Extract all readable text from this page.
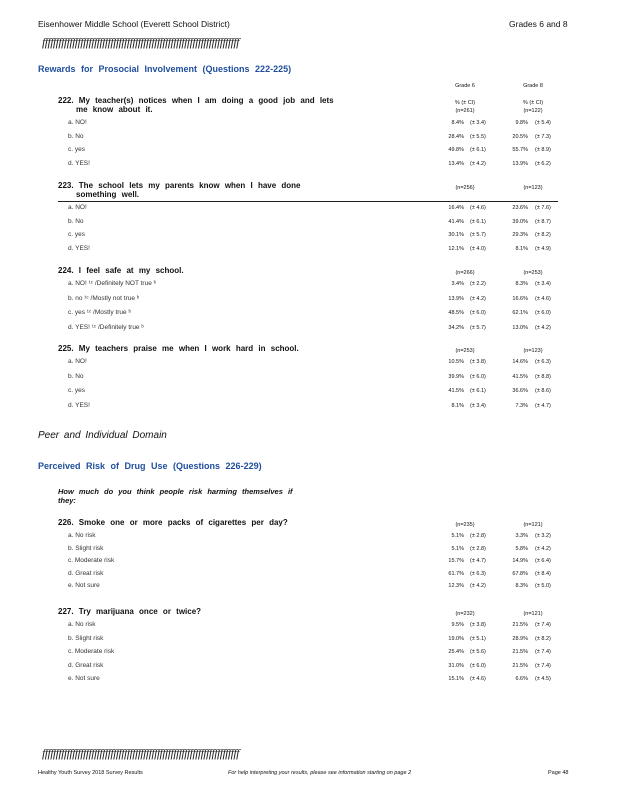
Eisenhower Middle School (Everett School District)	Grades 6 and 8
ffffffffffffffffffffffffffffffffffffffffffffffffffffffffffffffffffffffff
Rewards for Prosocial Involvement (Questions 222-225)
Grade 6	Grade 8
% (± CI)	% (± CI)
(n=261)	(n=122)
222. My teacher(s) notices when I am doing a good job and lets
me know about it.
a. NO!	8.4% (± 3.4)	9.8% (± 5.4)
b. No	28.4% (± 5.5)	20.5% (± 7.3)
c. yes	49.8% (± 6.1)	55.7% (± 8.9)
d. YES!	13.4% (± 4.2)	13.9% (± 6.2)
223. The school lets my parents know when I have done
something well.
(n=256)	(n=123)
a. NO!	16.4% (± 4.6)	23.6% (± 7.6)
b. No	41.4% (± 6.1)	39.0% (± 8.7)
c. yes	30.1% (± 5.7)	29.3% (± 8.2)
d. YES!	12.1% (± 4.0)	8.1% (± 4.9)
224. I feel safe at my school.	(n=266)	(n=253)
a. NO! ¹ᶜ /Definitely NOT true ᵇ	3.4% (± 2.2)	8.3% (± 3.4)
b. no ¹ᶜ /Mostly not true ᵇ	13.9% (± 4.2)	16.6% (± 4.6)
c. yes ¹ᶜ /Mostly true ᵇ	48.5% (± 6.0)	62.1% (± 6.0)
d. YES! ¹ᶜ /Definitely true ᵇ	34.2% (± 5.7)	13.0% (± 4.2)
225. My teachers praise me when I work hard in school.	(n=253)	(n=123)
a. NO!	10.5% (± 3.8)	14.6% (± 6.3)
b. No	39.9% (± 6.0)	41.5% (± 8.8)
c. yes	41.5% (± 6.1)	36.6% (± 8.6)
d. YES!	8.1% (± 3.4)	7.3% (± 4.7)
226. Smoke one or more packs of cigarettes per day?	(n=235)	(n=121)
a. No risk	5.1% (± 2.8)	3.3% (± 3.2)
b. Slight risk	5.1% (± 2.8)	5.8% (± 4.2)
c. Moderate risk	15.7% (± 4.7)	14.9% (± 6.4)
d. Great risk	61.7% (± 6.3)	67.8% (± 8.4)
e. Not sure	12.3% (± 4.2)	8.3% (± 5.0)
227. Try marijuana once or twice?	(n=232)	(n=121)
a. No risk	9.5% (± 3.8)	21.5% (± 7.4)
b. Slight risk	19.0% (± 5.1)	28.9% (± 8.2)
c. Moderate risk	25.4% (± 5.6)	21.5% (± 7.4)
d. Great risk	31.0% (± 6.0)	21.5% (± 7.4)
e. Not sure	15.1% (± 4.6)	6.6% (± 4.5)
Peer and Individual Domain
Perceived Risk of Drug Use (Questions 226-229)
How much do you think people risk harming themselves if
they:
ffffffffffffffffffffffffffffffffffffffffffffffffffffffffffffffffffffffff
Healthy Youth Survey 2018 Survey Results	For help interpreting your results, please see information starting on page 2	Page 48
